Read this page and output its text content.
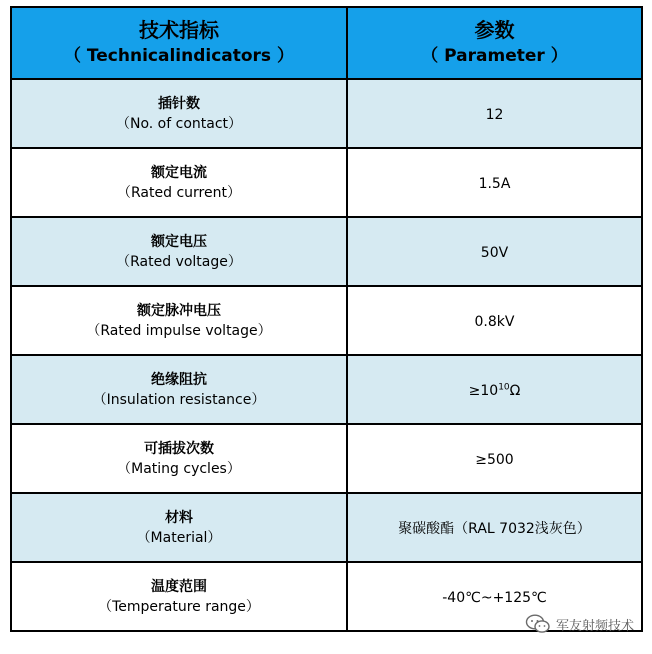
技术指标
（ Technicalindicators ）	参数
（ Parameter ）

插针数
（No. of contact）	12

额定电流
（Rated current）	1.5A

额定电压
（Rated voltage）	50V

额定脉冲电压
（Rated impulse voltage）	0.8kV

绝缘阻抗
（Insulation resistance）	$\ge 10^{10}\Omega$

可插拔次数
（Mating cycles）	≥500

材料
（Material）	聚碳酸酯（RAL 7032浅灰色）

温度范围
（Temperature range）	-40℃~+125℃
军友射频技术
